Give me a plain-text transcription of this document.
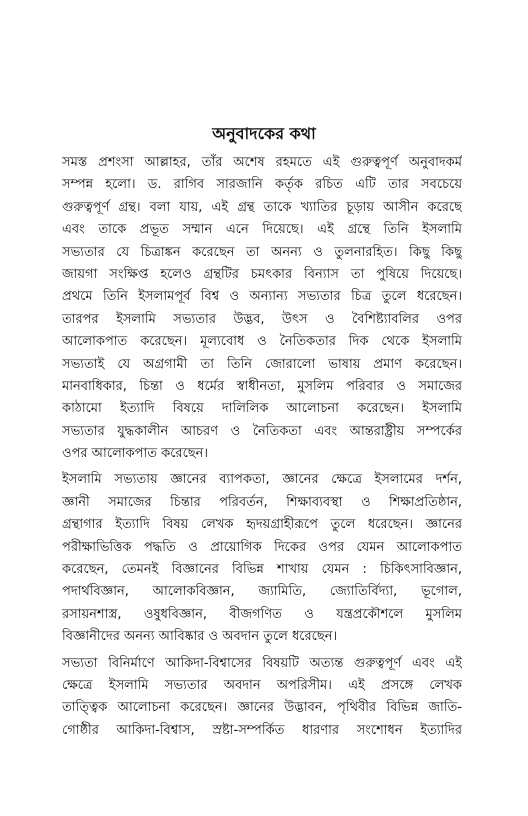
অনুবাদকের কথা

সমস্ত প্রশংসা আল্লাহর, তাঁর অশেষ রহমতে এই গুরুত্বপূর্ণ অনুবাদকর্ম
সম্পন্ন হলো। ড. রাগিব সারজানি কর্তৃক রচিত এটি তার সবচেয়ে
গুরুত্বপূর্ণ গ্রন্থ। বলা যায়, এই গ্রন্থ তাকে খ্যাতির চূড়ায় আসীন করেছে
এবং তাকে প্রভূত সম্মান এনে দিয়েছে। এই গ্রন্থে তিনি ইসলামি
সভ্যতার যে চিত্রাঙ্কন করেছেন তা অনন্য ও তুলনারহিত। কিছু কিছু
জায়গা সংক্ষিপ্ত হলেও গ্রন্থটির চমৎকার বিন্যাস তা পুষিয়ে দিয়েছে।
প্রথমে তিনি ইসলামপূর্ব বিশ্ব ও অন্যান্য সভ্যতার চিত্র তুলে ধরেছেন।
তারপর ইসলামি সভ্যতার উদ্ভব, উৎস ও বৈশিষ্ট্যাবলির ওপর
আলোকপাত করেছেন। মূল্যবোধ ও নৈতিকতার দিক থেকে ইসলামি
সভ্যতাই যে অগ্রগামী তা তিনি জোরালো ভাষায় প্রমাণ করেছেন।
মানবাধিকার, চিন্তা ও ধর্মের স্বাধীনতা, মুসলিম পরিবার ও সমাজের
কাঠামো ইত্যাদি বিষয়ে দালিলিক আলোচনা করেছেন। ইসলামি
সভ্যতার যুদ্ধকালীন আচরণ ও নৈতিকতা এবং আন্তরাষ্ট্রীয় সম্পর্কের
ওপর আলোকপাত করেছেন।

ইসলামি সভ্যতায় জ্ঞানের ব্যাপকতা, জ্ঞানের ক্ষেত্রে ইসলামের দর্শন,
জ্ঞানী সমাজের চিন্তার পরিবর্তন, শিক্ষাব্যবস্থা ও শিক্ষাপ্রতিষ্ঠান,
গ্রন্থাগার ইত্যাদি বিষয় লেখক হৃদয়গ্রাহীরূপে তুলে ধরেছেন। জ্ঞানের
পরীক্ষাভিত্তিক পদ্ধতি ও প্রায়োগিক দিকের ওপর যেমন আলোকপাত
করেছেন, তেমনই বিজ্ঞানের বিভিন্ন শাখায় যেমন : চিকিৎসাবিজ্ঞান,
পদার্থবিজ্ঞান, আলোকবিজ্ঞান, জ্যামিতি, জ্যোতির্বিদ্যা, ভূগোল,
রসায়নশাস্ত্র, ওষুধবিজ্ঞান, বীজগণিত ও যন্ত্রপ্রকৌশলে মুসলিম
বিজ্ঞানীদের অনন্য আবিষ্কার ও অবদান তুলে ধরেছেন।

সভ্যতা বিনির্মাণে আকিদা-বিশ্বাসের বিষয়টি অত্যন্ত গুরুত্বপূর্ণ এবং এই
ক্ষেত্রে ইসলামি সভ্যতার অবদান অপরিসীম। এই প্রসঙ্গে লেখক
তাত্ত্বিক আলোচনা করেছেন। জ্ঞানের উদ্ভাবন, পৃথিবীর বিভিন্ন জাতি-
গোষ্ঠীর আকিদা-বিশ্বাস, স্রষ্টা-সম্পর্কিত ধারণার সংশোধন ইত্যাদির
